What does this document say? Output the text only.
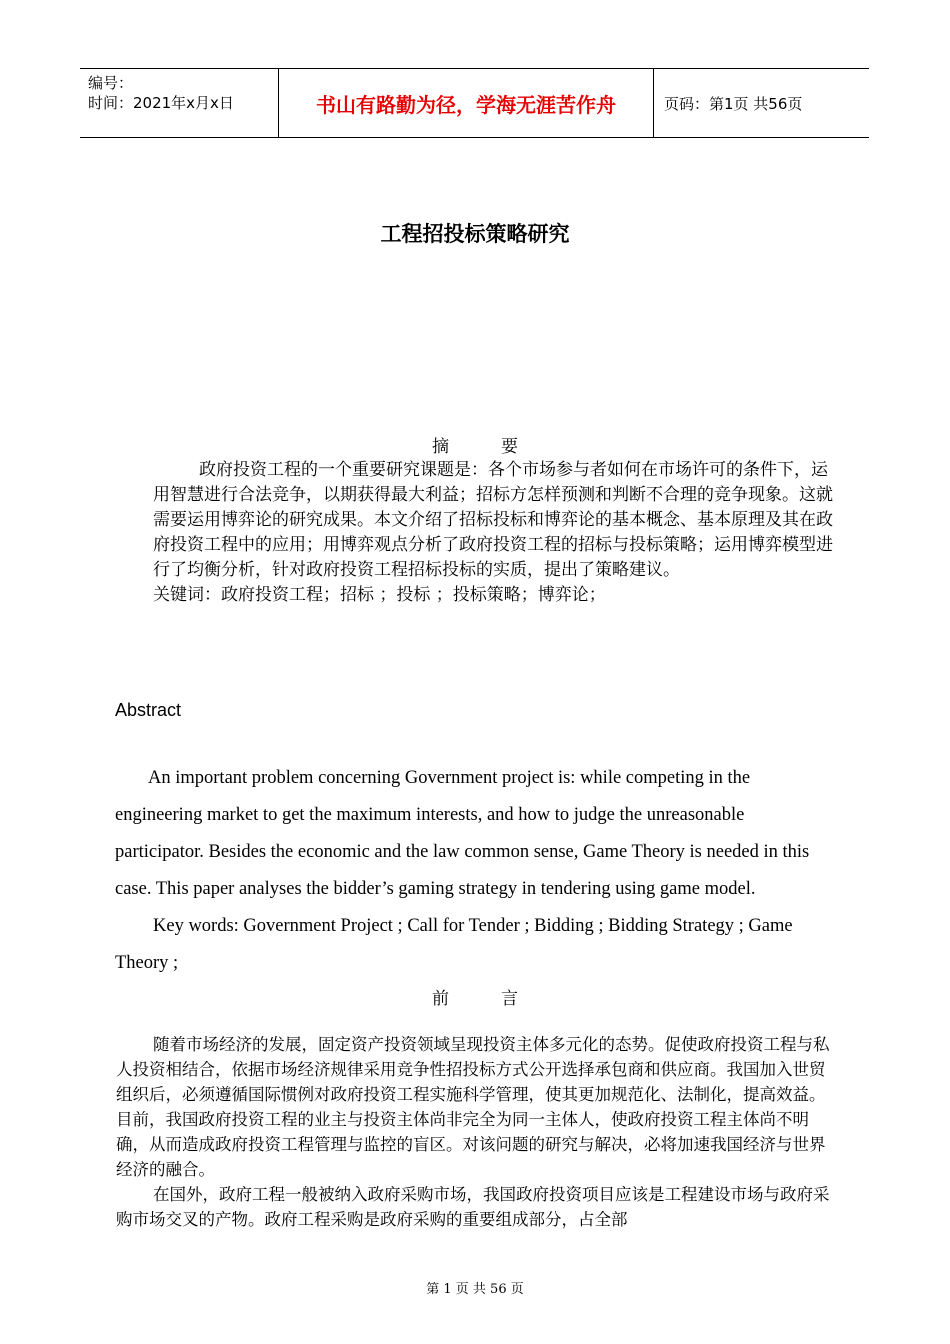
编号：
时间：2021年x月x日	书山有路勤为径，学海无涯苦作舟	页码：第1页 共56页
工程招投标策略研究
摘	要

政府投资工程的一个重要研究课题是：各个市场参与者如何在市场许可的条件下，运用智慧进行合法竞争，以期获得最大利益；招标方怎样预测和判断不合理的竞争现象。这就需要运用博弈论的研究成果。本文介绍了招标投标和博弈论的基本概念、基本原理及其在政府投资工程中的应用；用博弈观点分析了政府投资工程的招标与投标策略；运用博弈模型进行了均衡分析，针对政府投资工程招标投标的实质，提出了策略建议。

关键词：政府投资工程；招标 ；投标 ；投标策略；博弈论；

Abstract

An important problem concerning Government project is: while competing in the engineering market to get the maximum interests, and how to judge the unreasonable participator. Besides the economic and the law common sense, Game Theory is needed in this case. This paper analyses the bidder’s gaming strategy in tendering using game model.

Key words: Government Project ; Call for Tender ; Bidding ; Bidding Strategy ; Game Theory ;

前	言

随着市场经济的发展，固定资产投资领域呈现投资主体多元化的态势。促使政府投资工程与私人投资相结合，依据市场经济规律采用竞争性招投标方式公开选择承包商和供应商。我国加入世贸组织后，必须遵循国际惯例对政府投资工程实施科学管理，使其更加规范化、法制化，提高效益。目前，我国政府投资工程的业主与投资主体尚非完全为同一主体人，使政府投资工程主体尚不明确，从而造成政府投资工程管理与监控的盲区。对该问题的研究与解决，必将加速我国经济与世界经济的融合。

在国外，政府工程一般被纳入政府采购市场，我国政府投资项目应该是工程建设市场与政府采购市场交叉的产物。政府工程采购是政府采购的重要组成部分，占全部

第 1 页 共 56 页
